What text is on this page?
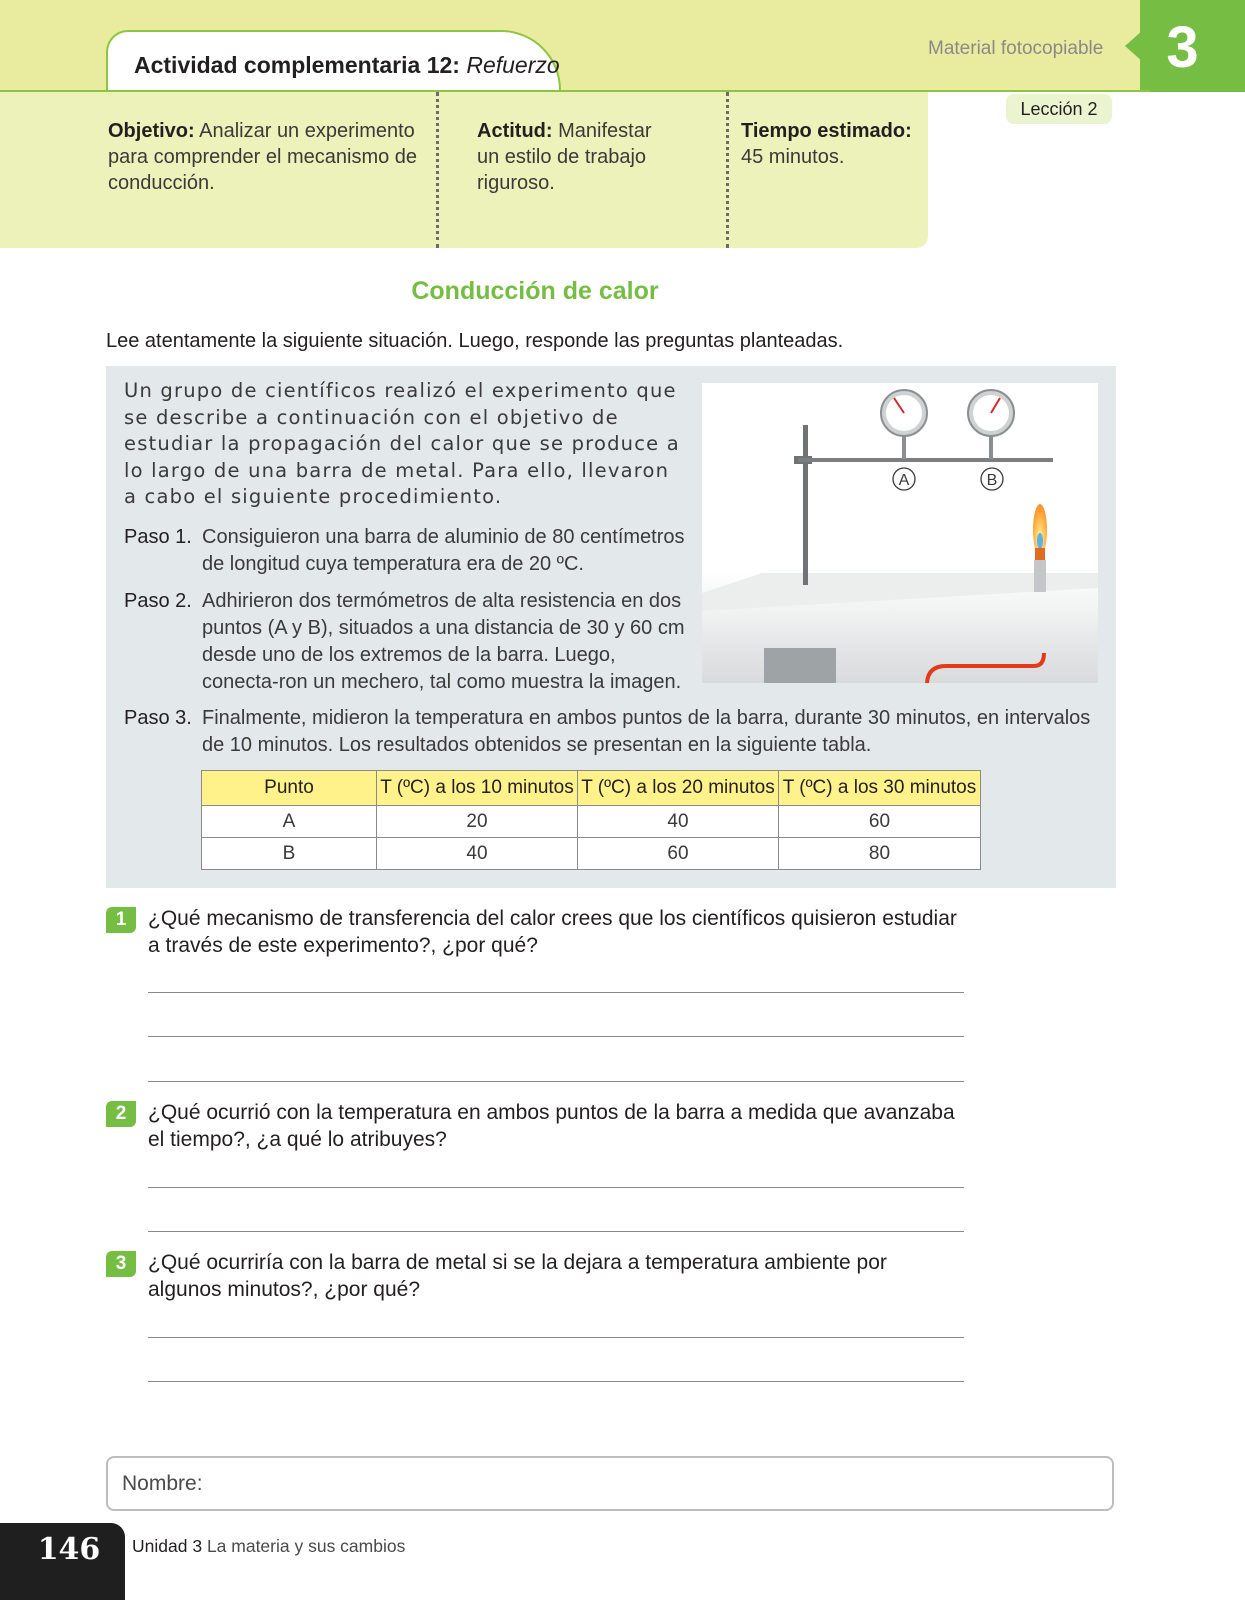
Actividad complementaria 12: Refuerzo
Material fotocopiable	3
Objetivo: Analizar un experimento para comprender el mecanismo de conducción.
Actitud: Manifestar un estilo de trabajo riguroso.
Tiempo estimado:
45 minutos.
Lección 2
Conducción de calor
Lee atentamente la siguiente situación. Luego, responde las preguntas planteadas.
Un grupo de científicos realizó el experimento que se describe a continuación con el objetivo de estudiar la propagación del calor que se produce a lo largo de una barra de metal. Para ello, llevaron a cabo el siguiente procedimiento.
Paso 1. Consiguieron una barra de aluminio de 80 centímetros de longitud cuya temperatura era de 20 ºC.
Paso 2. Adhirieron dos termómetros de alta resistencia en dos puntos (A y B), situados a una distancia de 30 y 60 cm desde uno de los extremos de la barra. Luego, conecta-ron un mechero, tal como muestra la imagen.
Paso 3. Finalmente, midieron la temperatura en ambos puntos de la barra, durante 30 minutos, en intervalos de 10 minutos. Los resultados obtenidos se presentan en la siguiente tabla.
A	B
Punto	T (ºC) a los 10 minutos	T (ºC) a los 20 minutos	T (ºC) a los 30 minutos
A	20	40	60
B	40	60	80
1	¿Qué mecanismo de transferencia del calor crees que los científicos quisieron estudiar a través de este experimento?, ¿por qué?
2	¿Qué ocurrió con la temperatura en ambos puntos de la barra a medida que avanzaba el tiempo?, ¿a qué lo atribuyes?
3	¿Qué ocurriría con la barra de metal si se la dejara a temperatura ambiente por algunos minutos?, ¿por qué?
Nombre:
146	Unidad 3 La materia y sus cambios
